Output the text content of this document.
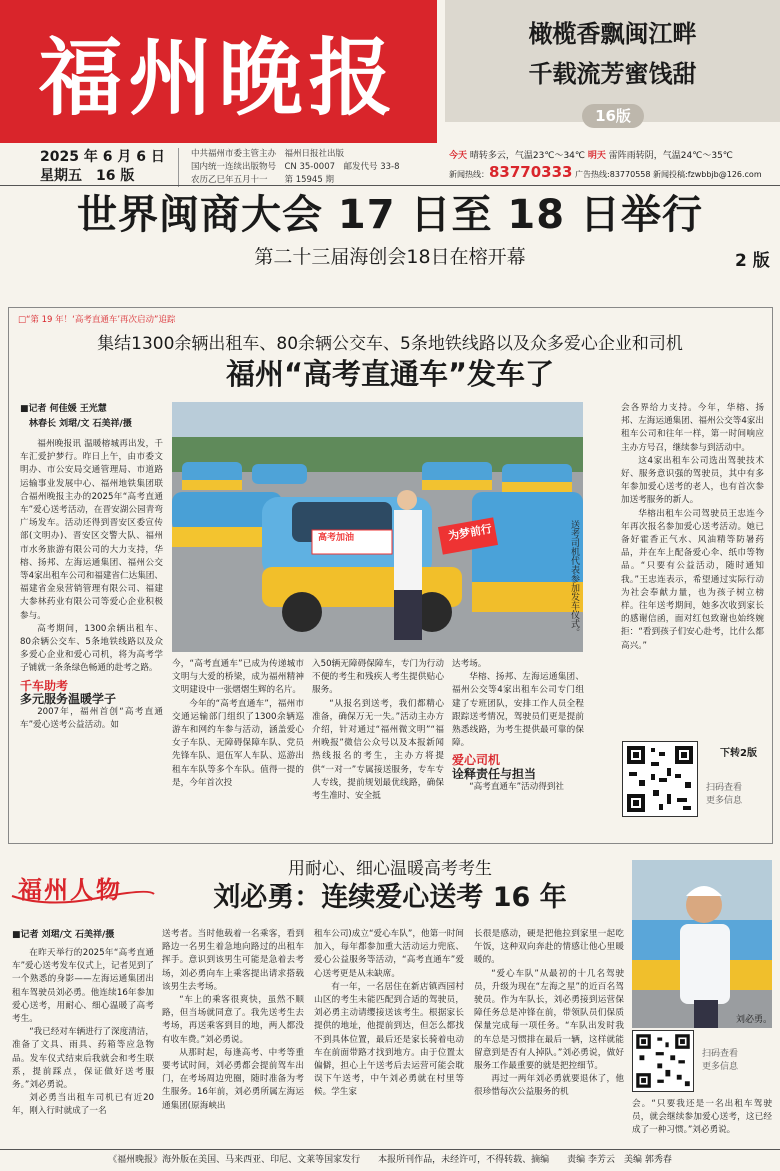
福州晚报	橄榄香飘闽江畔
千载流芳蜜饯甜
16版
2025 年 6 月 6 日
星期五　16 版
中共福州市委主管主办　福州日报社出版
国内统一连续出版物号　CN 35-0007　邮发代号 33-8
农历乙巳年五月十一　　第 15945 期
今天 晴转多云，气温23℃～34℃ 明天 雷阵雨转阴，气温24℃～35℃
新闻热线：83770333 广告热线:83770558 新闻投稿:fzwbbjb@126.com
世界闽商大会 17 日至 18 日举行
第二十三届海创会18日在榕开幕	2 版
□“第 19 年！‘高考直通车’再次启动”追踪
集结1300余辆出租车、80余辆公交车、5条地铁线路以及众多爱心企业和司机
福州“高考直通车”发车了
■记者 何佳媛 王光慧
　林春长 刘珺/文 石美祥/摄

福州晚报讯 温暖榕城再出发，千车汇爱护梦行。昨日上午，由市委文明办、市公安局交通管理局、市道路运输事业发展中心、福州地铁集团联合福州晚报主办的2025年“高考直通车”爱心送考活动，在晋安湖公园青弯广场发车。活动还得到晋安区委宣传部(文明办)、晋安区交警大队、福州市水务旅游有限公司的大力支持，华榕、扬邦、左海运通集团、福州公交等4家出租车公司和福建省仁达集团、福建省金泉营销管理有限公司、福建大参林药业有限公司等爱心企业积极参与。

高考期间，1300余辆出租车、80余辆公交车、5条地铁线路以及众多爱心企业和爱心司机，将为高考学子铺就一条条绿色畅通的赴考之路。

千车助考
多元服务温暖学子

2007年，福州首创“高考直通车”爱心送考公益活动。如

高考加油	为梦前行	送考司机代表参加发车仪式。

今，“高考直通车”已成为传递城市文明与大爱的桥梁，成为福州精神文明建设中一张熠熠生辉的名片。

今年的“高考直通车”，福州市交通运输部门组织了1300余辆巡游车和网约车参与活动，涵盖爱心女子车队、无障碍保障车队、党员先锋车队、退伍军人车队、巡游出租车车队等多个车队。值得一提的是，今年首次投

入50辆无障碍保障车，专门为行动不便的考生和残疾人考生提供贴心服务。

“从报名到送考，我们都精心准备，确保万无一失。”活动主办方介绍，针对通过“福州微文明”“福州晚报”微信公众号以及本报新闻热线报名的考生，主办方将提供“一对一”专属接送服务，专车专人专线，提前规划最优线路，确保考生准时、安全抵

达考场。

华榕、扬邦、左海运通集团、福州公交等4家出租车公司专门组建了专班团队，安排工作人员全程跟踪送考情况，驾驶员们更是提前熟悉线路，为考生提供最可靠的保障。

爱心司机
诠释责任与担当

“高考直通车”活动得到社

会各界给力支持。今年，华榕、扬邦、左海运通集团、福州公交等4家出租车公司和往年一样，第一时间响应主办方号召，继续参与到活动中。

这4家出租车公司选出驾驶技术好、服务意识强的驾驶员，其中有多年参加爱心送考的老人，也有首次参加送考服务的新人。

华榕出租车公司驾驶员王忠连今年再次报名参加爱心送考活动。她已备好霍香正气水、风油精等防暑药品，并在车上配备爱心伞、纸巾等物品。“只要有公益活动，随时通知我。”王忠连表示，希望通过实际行动为社会奉献力量，也为孩子树立榜样。往年送考期间，她多次收到家长的感谢信函，面对红包致谢也始终婉拒：“看到孩子们安心赴考，比什么都高兴。”

下转2版
扫码查看
更多信息
福州人物
用耐心、细心温暖高考考生
刘必勇：连续爱心送考 16 年
■记者 刘珺/文 石美祥/摄

在昨天举行的2025年“高考直通车”爱心送考发车仪式上，记者见到了一个熟悉的身影——左海运通集团出租车驾驶员刘必勇。他连续16年参加爱心送考，用耐心、细心温暖了高考考生。

“我已经对车辆进行了深度清洁，准备了文具、雨具、药箱等应急物品。发车仪式结束后我就会和考生联系，提前踩点，保证做好送考服务。”刘必勇说。

刘必勇当出租车司机已有近20年，刚入行时就成了一名

送考者。当时他载着一名乘客，看到路边一名男生着急地向路过的出租车挥手。意识到该男生可能是急着去考场，刘必勇向车上乘客提出请求搭载该男生去考场。

“车上的乘客很爽快，虽然不顺路，但当场就同意了。我先送考生去考场，再送乘客到目的地，两人都没有收车费。”刘必勇说。

从那时起，每逢高考、中考等重要考试时间，刘必勇都会提前驾车出门，在考场周边兜圈，随时准备为考生服务。16年前，刘必勇所属左海运通集团(原海峡出

租车公司)成立“爱心车队”，他第一时间加入，每年都参加重大活动运力兜底、爱心公益服务等活动，“高考直通车”爱心送考更是从未缺席。

有一年，一名居住在新店镇西园村山区的考生未能匹配到合适的驾驶员，刘必勇主动请缨接送该考生。根据家长提供的地址，他提前到达，但怎么都找不到具体位置，最后还是家长骑着电动车在前面带路才找到地方。由于位置太偏僻，担心上午送考后去运营可能会耽误下午送考，中午刘必勇就在村里等候。学生家

长很是感动，硬是把他拉到家里一起吃午饭，这种双向奔赴的情感让他心里暖暖的。

“爱心车队”从最初的十几名驾驶员，升级为现在“左海之星”的近百名驾驶员。作为车队长，刘必勇接到运营保障任务总是冲锋在前，带领队员们保质保量完成每一项任务。“车队出发时我的车总是习惯排在最后一辆，这样就能留意到是否有人掉队。”刘必勇说，做好服务工作最重要的就是把控细节。

再过一两年刘必勇就要退休了，他很珍惜每次公益服务的机

刘必勇。
扫码查看
更多信息

会。“只要我还是一名出租车驾驶员，就会继续参加爱心送考，这已经成了一种习惯。”刘必勇说。

《福州晚报》海外版在美国、马来西亚、印尼、文莱等国家发行　　本报所刊作品，未经许可，不得转载、摘编　　责编 李芳云　美编 郭秀春
